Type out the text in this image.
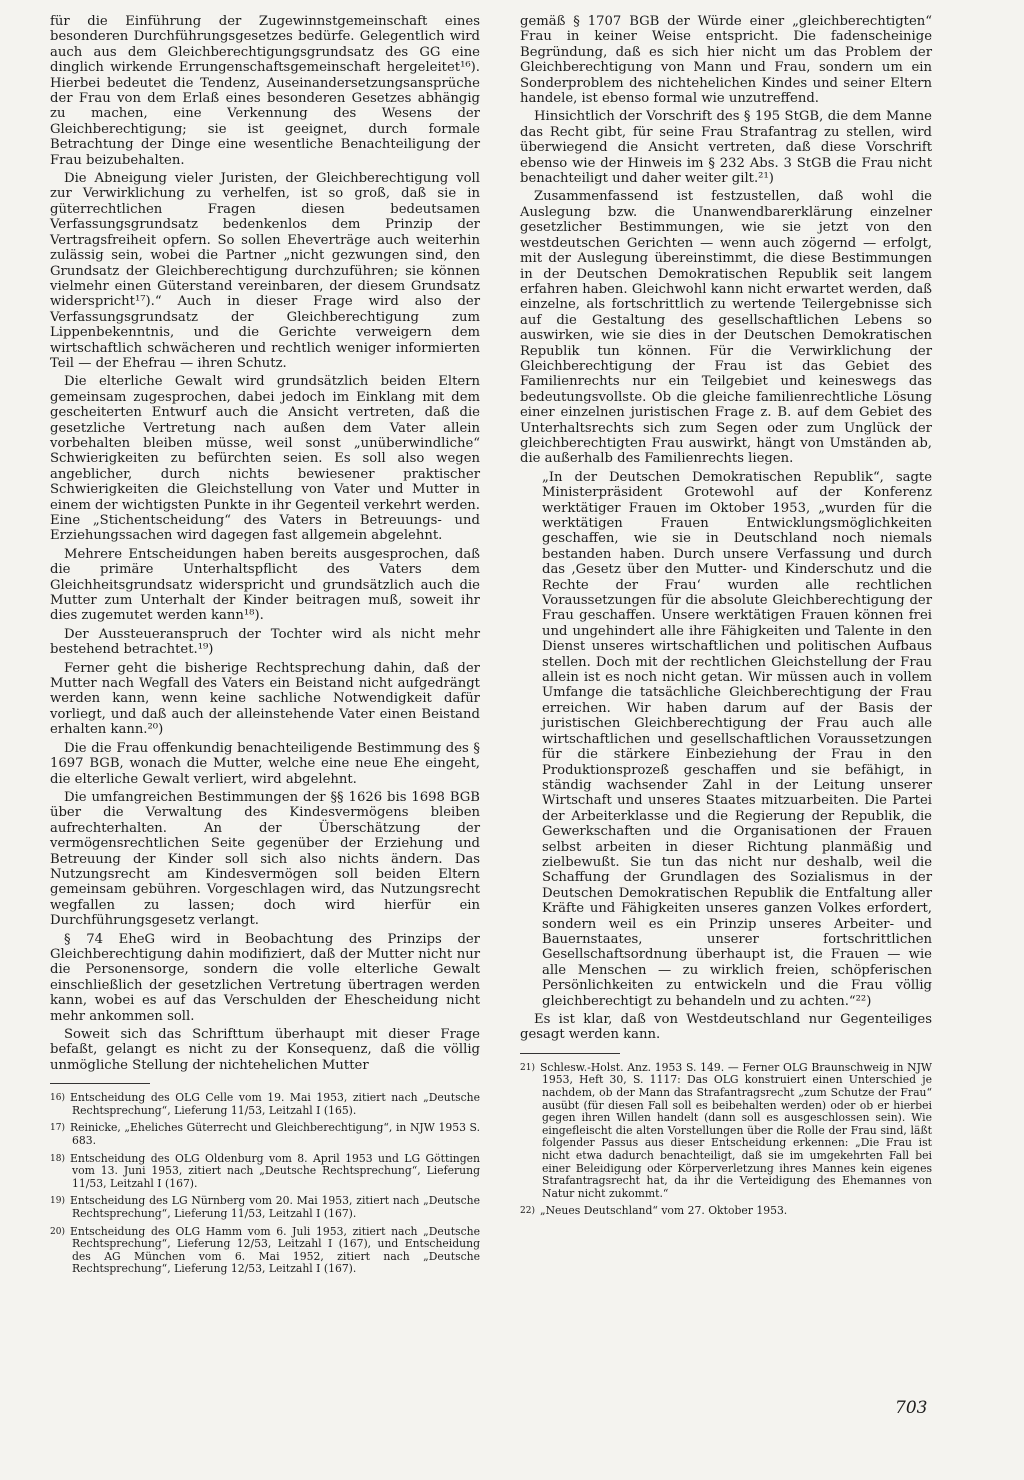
für die Einführung der Zugewinnstgemeinschaft eines besonderen Durchführungsgesetzes bedürfe. Gelegentlich wird auch aus dem Gleichberechtigungsgrundsatz des GG eine dinglich wirkende Errungenschaftsgemeinschaft hergeleitet¹⁶). Hierbei bedeutet die Tendenz, Auseinandersetzungsansprüche der Frau von dem Erlaß eines besonderen Gesetzes abhängig zu machen, eine Verkennung des Wesens der Gleichberechtigung; sie ist geeignet, durch formale Betrachtung der Dinge eine wesentliche Benachteiligung der Frau beizubehalten.

Die Abneigung vieler Juristen, der Gleichberechtigung voll zur Verwirklichung zu verhelfen, ist so groß, daß sie in güterrechtlichen Fragen diesen bedeutsamen Verfassungsgrundsatz bedenkenlos dem Prinzip der Vertragsfreiheit opfern. So sollen Eheverträge auch weiterhin zulässig sein, wobei die Partner „nicht gezwungen sind, den Grundsatz der Gleichberechtigung durchzuführen; sie können vielmehr einen Güterstand vereinbaren, der diesem Grundsatz widerspricht¹⁷).“ Auch in dieser Frage wird also der Verfassungsgrundsatz der Gleichberechtigung zum Lippenbekenntnis, und die Gerichte verweigern dem wirtschaftlich schwächeren und rechtlich weniger informierten Teil — der Ehefrau — ihren Schutz.

Die elterliche Gewalt wird grundsätzlich beiden Eltern gemeinsam zugesprochen, dabei jedoch im Einklang mit dem gescheiterten Entwurf auch die Ansicht vertreten, daß die gesetzliche Vertretung nach außen dem Vater allein vorbehalten bleiben müsse, weil sonst „unüberwindliche“ Schwierigkeiten zu befürchten seien. Es soll also wegen angeblicher, durch nichts bewiesener praktischer Schwierigkeiten die Gleichstellung von Vater und Mutter in einem der wichtigsten Punkte in ihr Gegenteil verkehrt werden. Eine „Stichentscheidung“ des Vaters in Betreuungs- und Erziehungssachen wird dagegen fast allgemein abgelehnt.

Mehrere Entscheidungen haben bereits ausgesprochen, daß die primäre Unterhaltspflicht des Vaters dem Gleichheitsgrundsatz widerspricht und grundsätzlich auch die Mutter zum Unterhalt der Kinder beitragen muß, soweit ihr dies zugemutet werden kann¹⁸).

Der Aussteueranspruch der Tochter wird als nicht mehr bestehend betrachtet.¹⁹)

Ferner geht die bisherige Rechtsprechung dahin, daß der Mutter nach Wegfall des Vaters ein Beistand nicht aufgedrängt werden kann, wenn keine sachliche Notwendigkeit dafür vorliegt, und daß auch der alleinstehende Vater einen Beistand erhalten kann.²⁰)

Die die Frau offenkundig benachteiligende Bestimmung des § 1697 BGB, wonach die Mutter, welche eine neue Ehe eingeht, die elterliche Gewalt verliert, wird abgelehnt.

Die umfangreichen Bestimmungen der §§ 1626 bis 1698 BGB über die Verwaltung des Kindesvermögens bleiben aufrechterhalten. An der Überschätzung der vermögensrechtlichen Seite gegenüber der Erziehung und Betreuung der Kinder soll sich also nichts ändern. Das Nutzungsrecht am Kindesvermögen soll beiden Eltern gemeinsam gebühren. Vorgeschlagen wird, das Nutzungsrecht wegfallen zu lassen; doch wird hierfür ein Durchführungsgesetz verlangt.

§ 74 EheG wird in Beobachtung des Prinzips der Gleichberechtigung dahin modifiziert, daß der Mutter nicht nur die Personensorge, sondern die volle elterliche Gewalt einschließlich der gesetzlichen Vertretung übertragen werden kann, wobei es auf das Verschulden der Ehescheidung nicht mehr ankommen soll.

Soweit sich das Schrifttum überhaupt mit dieser Frage befaßt, gelangt es nicht zu der Konsequenz, daß die völlig unmögliche Stellung der nichtehelichen Mutter

16) Entscheidung des OLG Celle vom 19. Mai 1953, zitiert nach „Deutsche Rechtsprechung“, Lieferung 11/53, Leitzahl I (165).
17) Reinicke, „Eheliches Güterrecht und Gleichberechtigung“, in NJW 1953 S. 683.
18) Entscheidung des OLG Oldenburg vom 8. April 1953 und LG Göttingen vom 13. Juni 1953, zitiert nach „Deutsche Rechtsprechung“, Lieferung 11/53, Leitzahl I (167).
19) Entscheidung des LG Nürnberg vom 20. Mai 1953, zitiert nach „Deutsche Rechtsprechung“, Lieferung 11/53, Leitzahl I (167).
20) Entscheidung des OLG Hamm vom 6. Juli 1953, zitiert nach „Deutsche Rechtsprechung“, Lieferung 12/53, Leitzahl I (167), und Entscheidung des AG München vom 6. Mai 1952, zitiert nach „Deutsche Rechtsprechung“, Lieferung 12/53, Leitzahl I (167).

gemäß § 1707 BGB der Würde einer „gleichberechtigten“ Frau in keiner Weise entspricht. Die fadenscheinige Begründung, daß es sich hier nicht um das Problem der Gleichberechtigung von Mann und Frau, sondern um ein Sonderproblem des nichtehelichen Kindes und seiner Eltern handele, ist ebenso formal wie unzutreffend.

Hinsichtlich der Vorschrift des § 195 StGB, die dem Manne das Recht gibt, für seine Frau Strafantrag zu stellen, wird überwiegend die Ansicht vertreten, daß diese Vorschrift ebenso wie der Hinweis im § 232 Abs. 3 StGB die Frau nicht benachteiligt und daher weiter gilt.²¹)

Zusammenfassend ist festzustellen, daß wohl die Auslegung bzw. die Unanwendbarerklärung einzelner gesetzlicher Bestimmungen, wie sie jetzt von den westdeutschen Gerichten — wenn auch zögernd — erfolgt, mit der Auslegung übereinstimmt, die diese Bestimmungen in der Deutschen Demokratischen Republik seit langem erfahren haben. Gleichwohl kann nicht erwartet werden, daß einzelne, als fortschrittlich zu wertende Teilergebnisse sich auf die Gestaltung des gesellschaftlichen Lebens so auswirken, wie sie dies in der Deutschen Demokratischen Republik tun können. Für die Verwirklichung der Gleichberechtigung der Frau ist das Gebiet des Familienrechts nur ein Teilgebiet und keineswegs das bedeutungsvollste. Ob die gleiche familienrechtliche Lösung einer einzelnen juristischen Frage z. B. auf dem Gebiet des Unterhaltsrechts sich zum Segen oder zum Unglück der gleichberechtigten Frau auswirkt, hängt von Umständen ab, die außerhalb des Familienrechts liegen.

„In der Deutschen Demokratischen Republik“, sagte Ministerpräsident Grotewohl auf der Konferenz werktätiger Frauen im Oktober 1953, „wurden für die werktätigen Frauen Entwicklungsmöglichkeiten geschaffen, wie sie in Deutschland noch niemals bestanden haben. Durch unsere Verfassung und durch das ‚Gesetz über den Mutter- und Kinderschutz und die Rechte der Frau‘ wurden alle rechtlichen Voraussetzungen für die absolute Gleichberechtigung der Frau geschaffen. Unsere werktätigen Frauen können frei und ungehindert alle ihre Fähigkeiten und Talente in den Dienst unseres wirtschaftlichen und politischen Aufbaus stellen. Doch mit der rechtlichen Gleichstellung der Frau allein ist es noch nicht getan. Wir müssen auch in vollem Umfange die tatsächliche Gleichberechtigung der Frau erreichen. Wir haben darum auf der Basis der juristischen Gleichberechtigung der Frau auch alle wirtschaftlichen und gesellschaftlichen Voraussetzungen für die stärkere Einbeziehung der Frau in den Produktionsprozeß geschaffen und sie befähigt, in ständig wachsender Zahl in der Leitung unserer Wirtschaft und unseres Staates mitzuarbeiten. Die Partei der Arbeiterklasse und die Regierung der Republik, die Gewerkschaften und die Organisationen der Frauen selbst arbeiten in dieser Richtung planmäßig und zielbewußt. Sie tun das nicht nur deshalb, weil die Schaffung der Grundlagen des Sozialismus in der Deutschen Demokratischen Republik die Entfaltung aller Kräfte und Fähigkeiten unseres ganzen Volkes erfordert, sondern weil es ein Prinzip unseres Arbeiter- und Bauernstaates, unserer fortschrittlichen Gesellschaftsordnung überhaupt ist, die Frauen — wie alle Menschen — zu wirklich freien, schöpferischen Persönlichkeiten zu entwickeln und die Frau völlig gleichberechtigt zu behandeln und zu achten.“²²)

Es ist klar, daß von Westdeutschland nur Gegenteiliges gesagt werden kann.

21) Schlesw.-Holst. Anz. 1953 S. 149. — Ferner OLG Braunschweig in NJW 1953, Heft 30, S. 1117: Das OLG konstruiert einen Unterschied je nachdem, ob der Mann das Strafantragsrecht „zum Schutze der Frau“ ausübt (für diesen Fall soll es beibehalten werden) oder ob er hierbei gegen ihren Willen handelt (dann soll es ausgeschlossen sein). Wie eingefleischt die alten Vorstellungen über die Rolle der Frau sind, läßt folgender Passus aus dieser Entscheidung erkennen: „Die Frau ist nicht etwa dadurch benachteiligt, daß sie im umgekehrten Fall bei einer Beleidigung oder Körperverletzung ihres Mannes kein eigenes Strafantragsrecht hat, da ihr die Verteidigung des Ehemannes von Natur nicht zukommt.“
22) „Neues Deutschland“ vom 27. Oktober 1953.
703
